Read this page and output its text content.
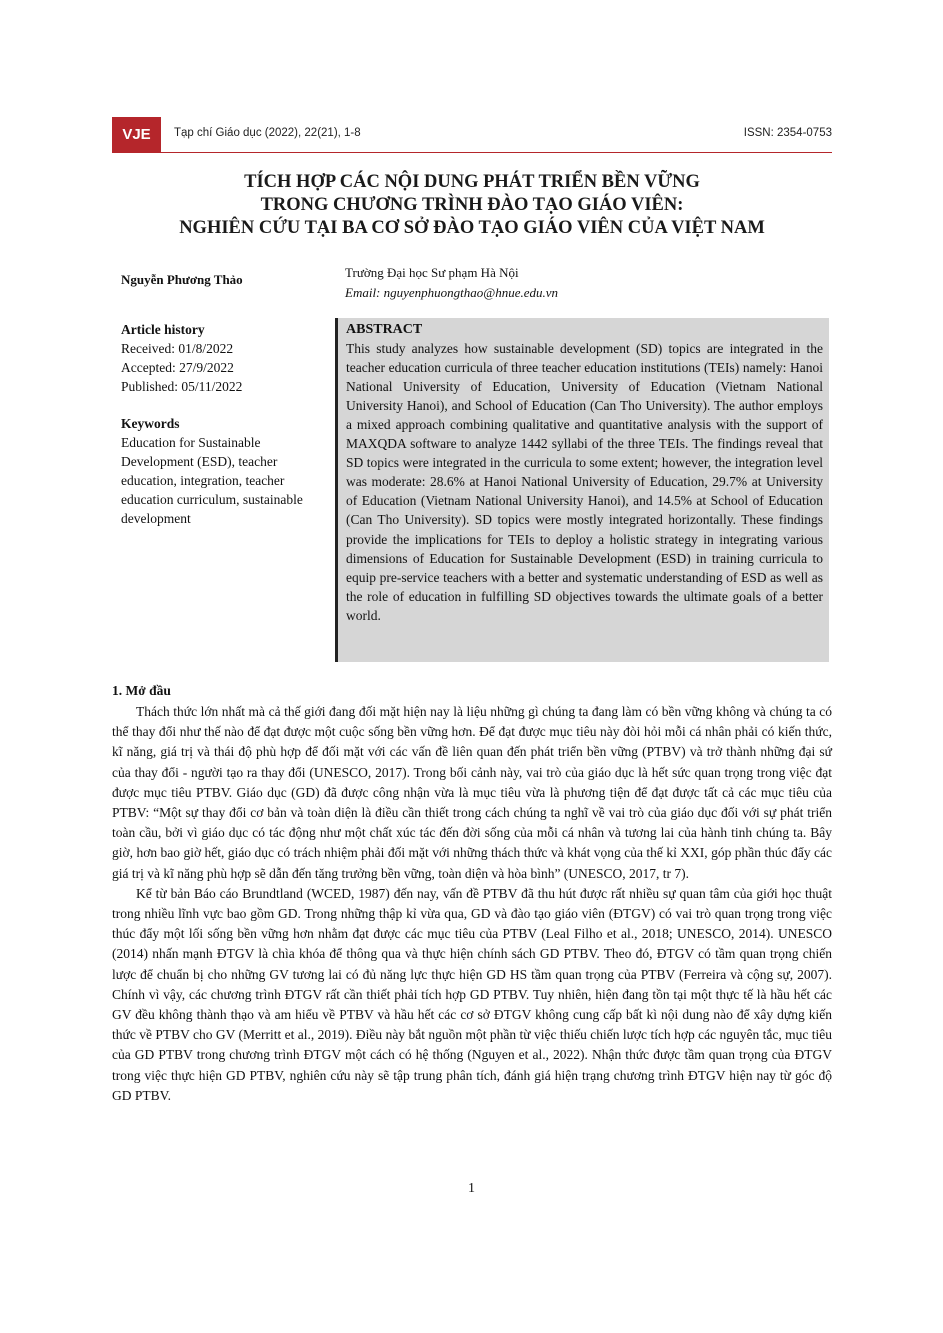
VJE	Tạp chí Giáo dục (2022), 22(21), 1-8	ISSN: 2354-0753
TÍCH HỢP CÁC NỘI DUNG PHÁT TRIỂN BỀN VỮNG
TRONG CHƯƠNG TRÌNH ĐÀO TẠO GIÁO VIÊN:
NGHIÊN CỨU TẠI BA CƠ SỞ ĐÀO TẠO GIÁO VIÊN CỦA VIỆT NAM
Nguyễn Phương Thảo	Trường Đại học Sư phạm Hà Nội
Email: nguyenphuongthao@hnue.edu.vn
Article history
Received: 01/8/2022
Accepted: 27/9/2022
Published: 05/11/2022
Keywords
Education for Sustainable Development (ESD), teacher education, integration, teacher education curriculum, sustainable development
ABSTRACT
This study analyzes how sustainable development (SD) topics are integrated in the teacher education curricula of three teacher education institutions (TEIs) namely: Hanoi National University of Education, University of Education (Vietnam National University Hanoi), and School of Education (Can Tho University). The author employs a mixed approach combining qualitative and quantitative analysis with the support of MAXQDA software to analyze 1442 syllabi of the three TEIs. The findings reveal that SD topics were integrated in the curricula to some extent; however, the integration level was moderate: 28.6% at Hanoi National University of Education, 29.7% at University of Education (Vietnam National University Hanoi), and 14.5% at School of Education (Can Tho University). SD topics were mostly integrated horizontally. These findings provide the implications for TEIs to deploy a holistic strategy in integrating various dimensions of Education for Sustainable Development (ESD) in training curricula to equip pre-service teachers with a better and systematic understanding of ESD as well as the role of education in fulfilling SD objectives towards the ultimate goals of a better world.
1. Mở đầu

Thách thức lớn nhất mà cả thế giới đang đối mặt hiện nay là liệu những gì chúng ta đang làm có bền vững không và chúng ta có thể thay đổi như thế nào để đạt được một cuộc sống bền vững hơn. Để đạt được mục tiêu này đòi hỏi mỗi cá nhân phải có kiến thức, kĩ năng, giá trị và thái độ phù hợp để đối mặt với các vấn đề liên quan đến phát triển bền vững (PTBV) và trở thành những đại sứ của thay đổi - người tạo ra thay đổi (UNESCO, 2017). Trong bối cảnh này, vai trò của giáo dục là hết sức quan trọng trong việc đạt được mục tiêu PTBV. Giáo dục (GD) đã được công nhận vừa là mục tiêu vừa là phương tiện để đạt được tất cả các mục tiêu của PTBV: “Một sự thay đổi cơ bản và toàn diện là điều cần thiết trong cách chúng ta nghĩ về vai trò của giáo dục đối với sự phát triển toàn cầu, bởi vì giáo dục có tác động như một chất xúc tác đến đời sống của mỗi cá nhân và tương lai của hành tinh chúng ta. Bây giờ, hơn bao giờ hết, giáo dục có trách nhiệm phải đối mặt với những thách thức và khát vọng của thế kỉ XXI, góp phần thúc đẩy các giá trị và kĩ năng phù hợp sẽ dẫn đến tăng trưởng bền vững, toàn diện và hòa bình” (UNESCO, 2017, tr 7).

Kể từ bản Báo cáo Brundtland (WCED, 1987) đến nay, vấn đề PTBV đã thu hút được rất nhiều sự quan tâm của giới học thuật trong nhiều lĩnh vực bao gồm GD. Trong những thập kỉ vừa qua, GD và đào tạo giáo viên (ĐTGV) có vai trò quan trọng trong việc thúc đẩy một lối sống bền vững hơn nhằm đạt được các mục tiêu của PTBV (Leal Filho et al., 2018; UNESCO, 2014). UNESCO (2014) nhấn mạnh ĐTGV là chìa khóa để thông qua và thực hiện chính sách GD PTBV. Theo đó, ĐTGV có tầm quan trọng chiến lược để chuẩn bị cho những GV tương lai có đủ năng lực thực hiện GD HS tầm quan trọng của PTBV (Ferreira và cộng sự, 2007). Chính vì vậy, các chương trình ĐTGV rất cần thiết phải tích hợp GD PTBV. Tuy nhiên, hiện đang tồn tại một thực tế là hầu hết các GV đều không thành thạo và am hiểu về PTBV và hầu hết các cơ sở ĐTGV không cung cấp bất kì nội dung nào để xây dựng kiến thức về PTBV cho GV (Merritt et al., 2019). Điều này bắt nguồn một phần từ việc thiếu chiến lược tích hợp các nguyên tắc, mục tiêu của GD PTBV trong chương trình ĐTGV một cách có hệ thống (Nguyen et al., 2022). Nhận thức được tầm quan trọng của ĐTGV trong việc thực hiện GD PTBV, nghiên cứu này sẽ tập trung phân tích, đánh giá hiện trạng chương trình ĐTGV hiện nay từ góc độ GD PTBV.

1
